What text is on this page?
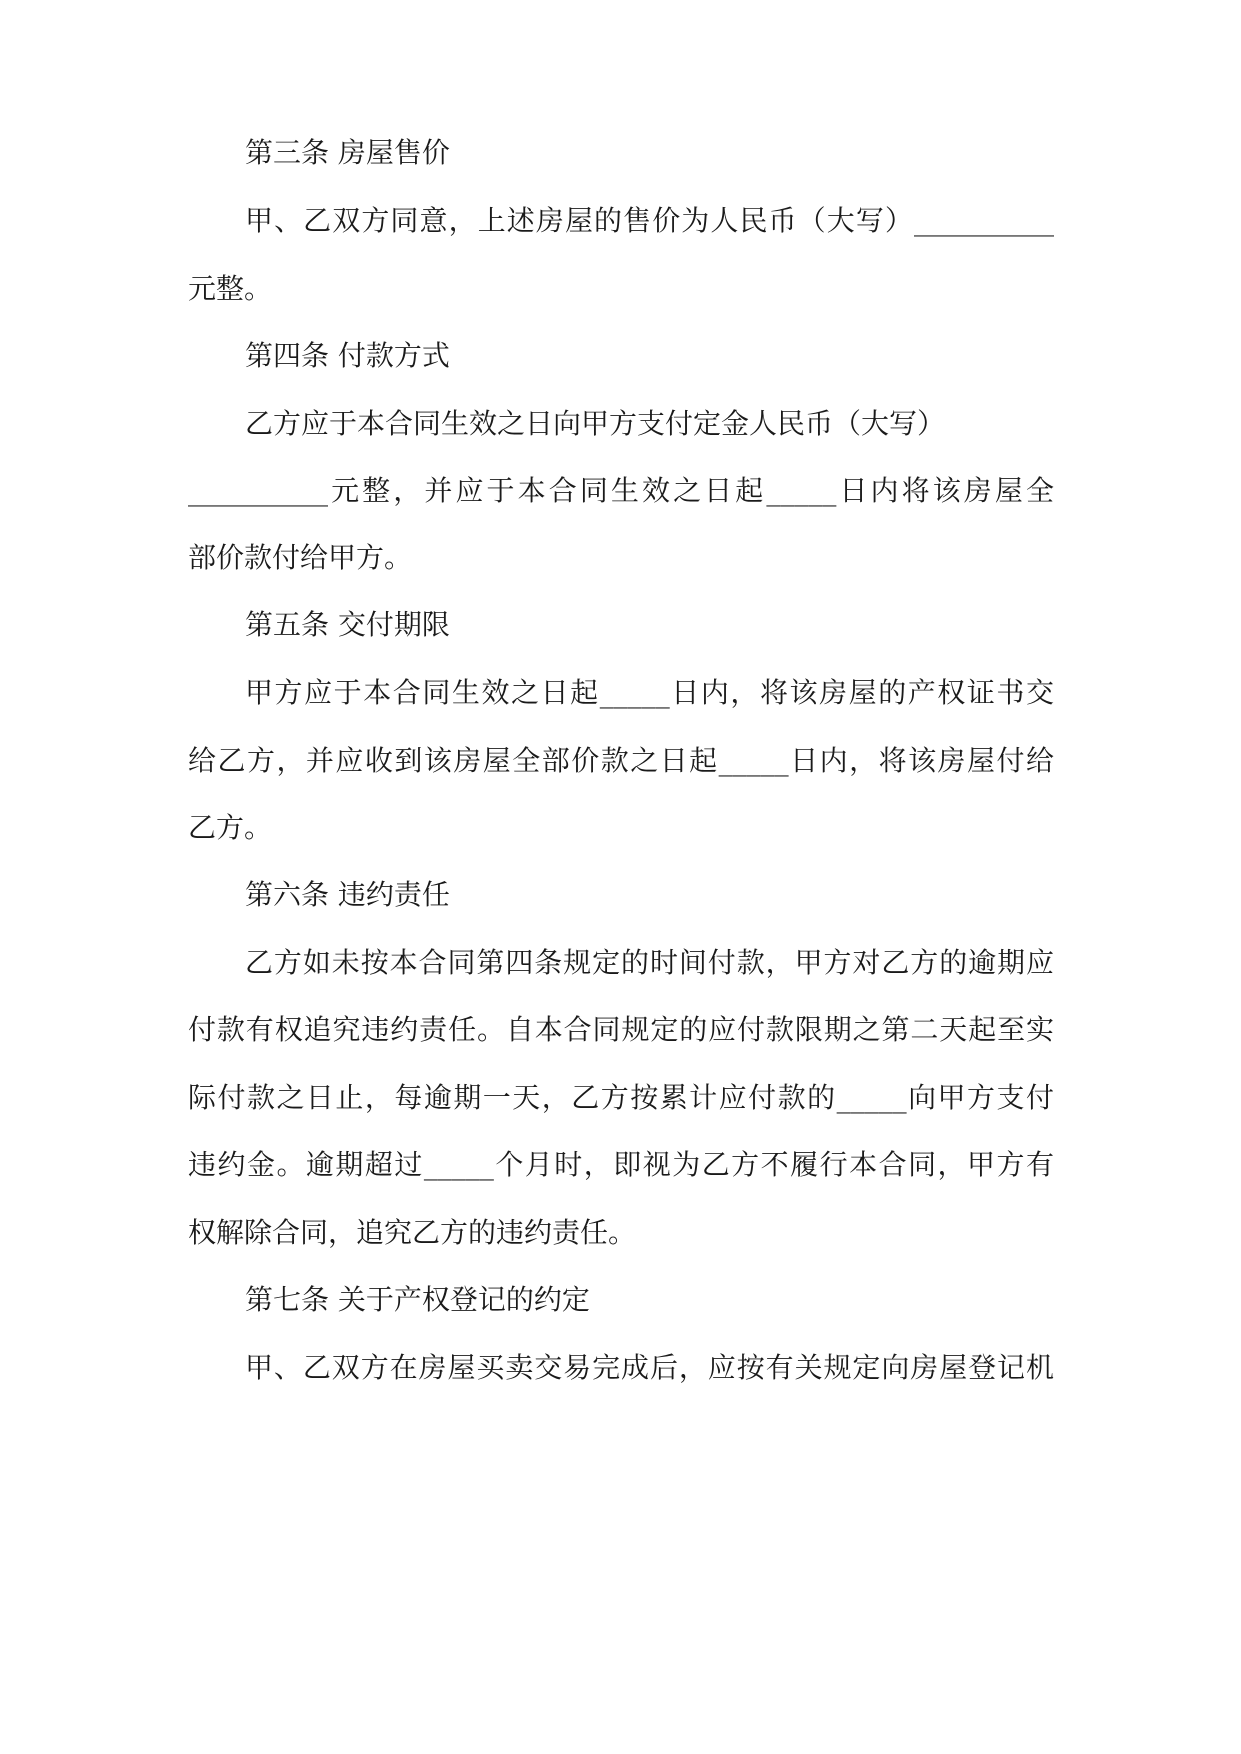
第三条 房屋售价
甲、乙双方同意，上述房屋的售价为人民币（大写）__________
元整。
第四条 付款方式
乙方应于本合同生效之日向甲方支付定金人民币（大写）
__________元整，并应于本合同生效之日起_____日内将该房屋全
部价款付给甲方。
第五条 交付期限
甲方应于本合同生效之日起_____日内，将该房屋的产权证书交
给乙方，并应收到该房屋全部价款之日起_____日内，将该房屋付给
乙方。
第六条 违约责任
乙方如未按本合同第四条规定的时间付款，甲方对乙方的逾期应
付款有权追究违约责任。自本合同规定的应付款限期之第二天起至实
际付款之日止，每逾期一天，乙方按累计应付款的_____向甲方支付
违约金。逾期超过_____个月时，即视为乙方不履行本合同，甲方有
权解除合同，追究乙方的违约责任。
第七条 关于产权登记的约定
甲、乙双方在房屋买卖交易完成后，应按有关规定向房屋登记机
